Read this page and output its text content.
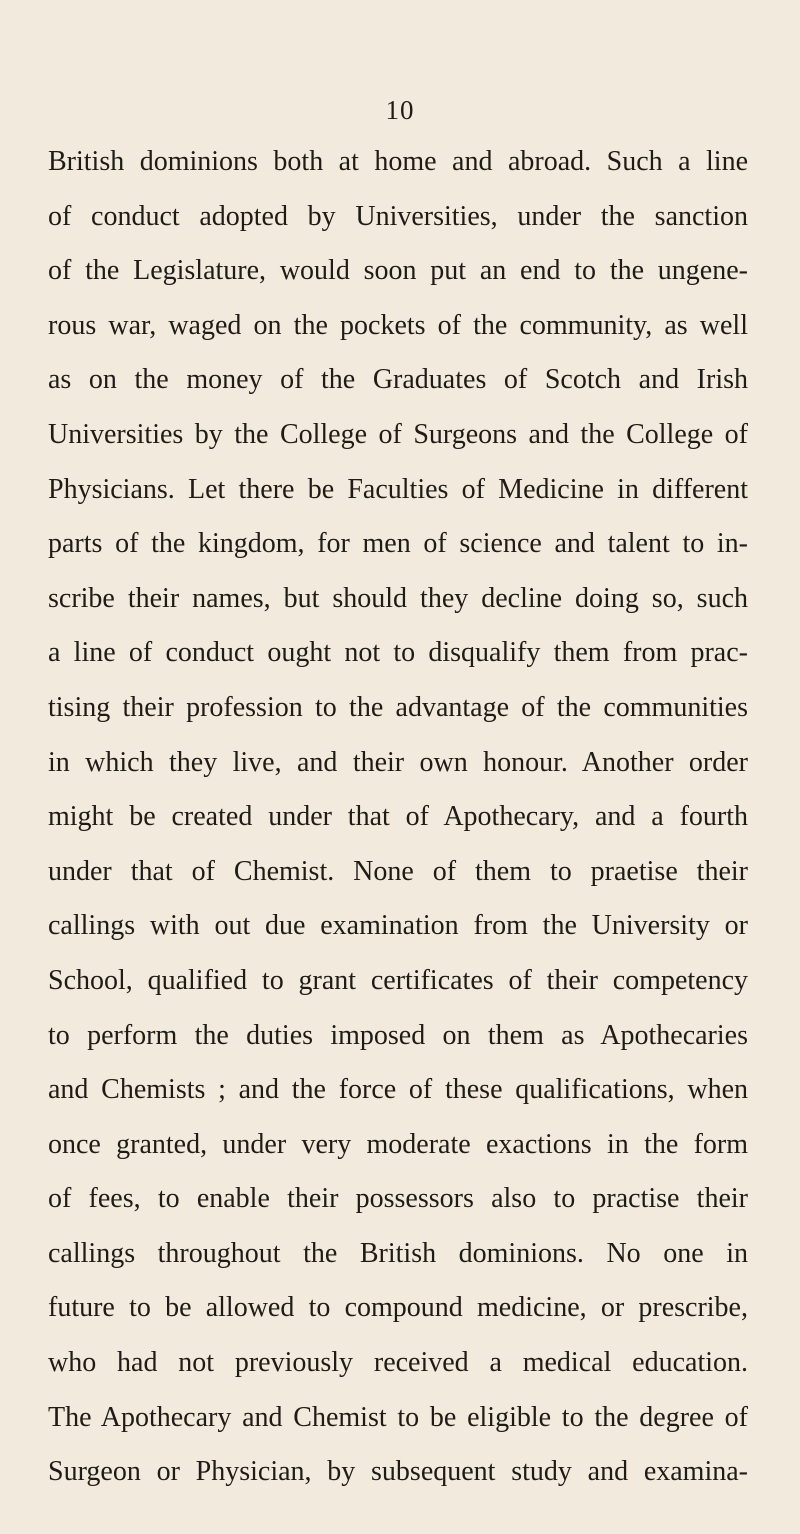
10
British dominions both at home and abroad. Such a line
of conduct adopted by Universities, under the sanction
of the Legislature, would soon put an end to the ungene-
rous war, waged on the pockets of the community, as well
as on the money of the Graduates of Scotch and Irish
Universities by the College of Surgeons and the College of
Physicians. Let there be Faculties of Medicine in different
parts of the kingdom, for men of science and talent to in-
scribe their names, but should they decline doing so, such
a line of conduct ought not to disqualify them from prac-
tising their profession to the advantage of the communities
in which they live, and their own honour. Another order
might be created under that of Apothecary, and a fourth
under that of Chemist. None of them to praetise their
callings with out due examination from the University or
School, qualified to grant certificates of their competency
to perform the duties imposed on them as Apothecaries
and Chemists ; and the force of these qualifications, when
once granted, under very moderate exactions in the form
of fees, to enable their possessors also to practise their
callings throughout the British dominions. No one in
future to be allowed to compound medicine, or prescribe,
who had not previously received a medical education.
The Apothecary and Chemist to be eligible to the degree of
Surgeon or Physician, by subsequent study and examina-
